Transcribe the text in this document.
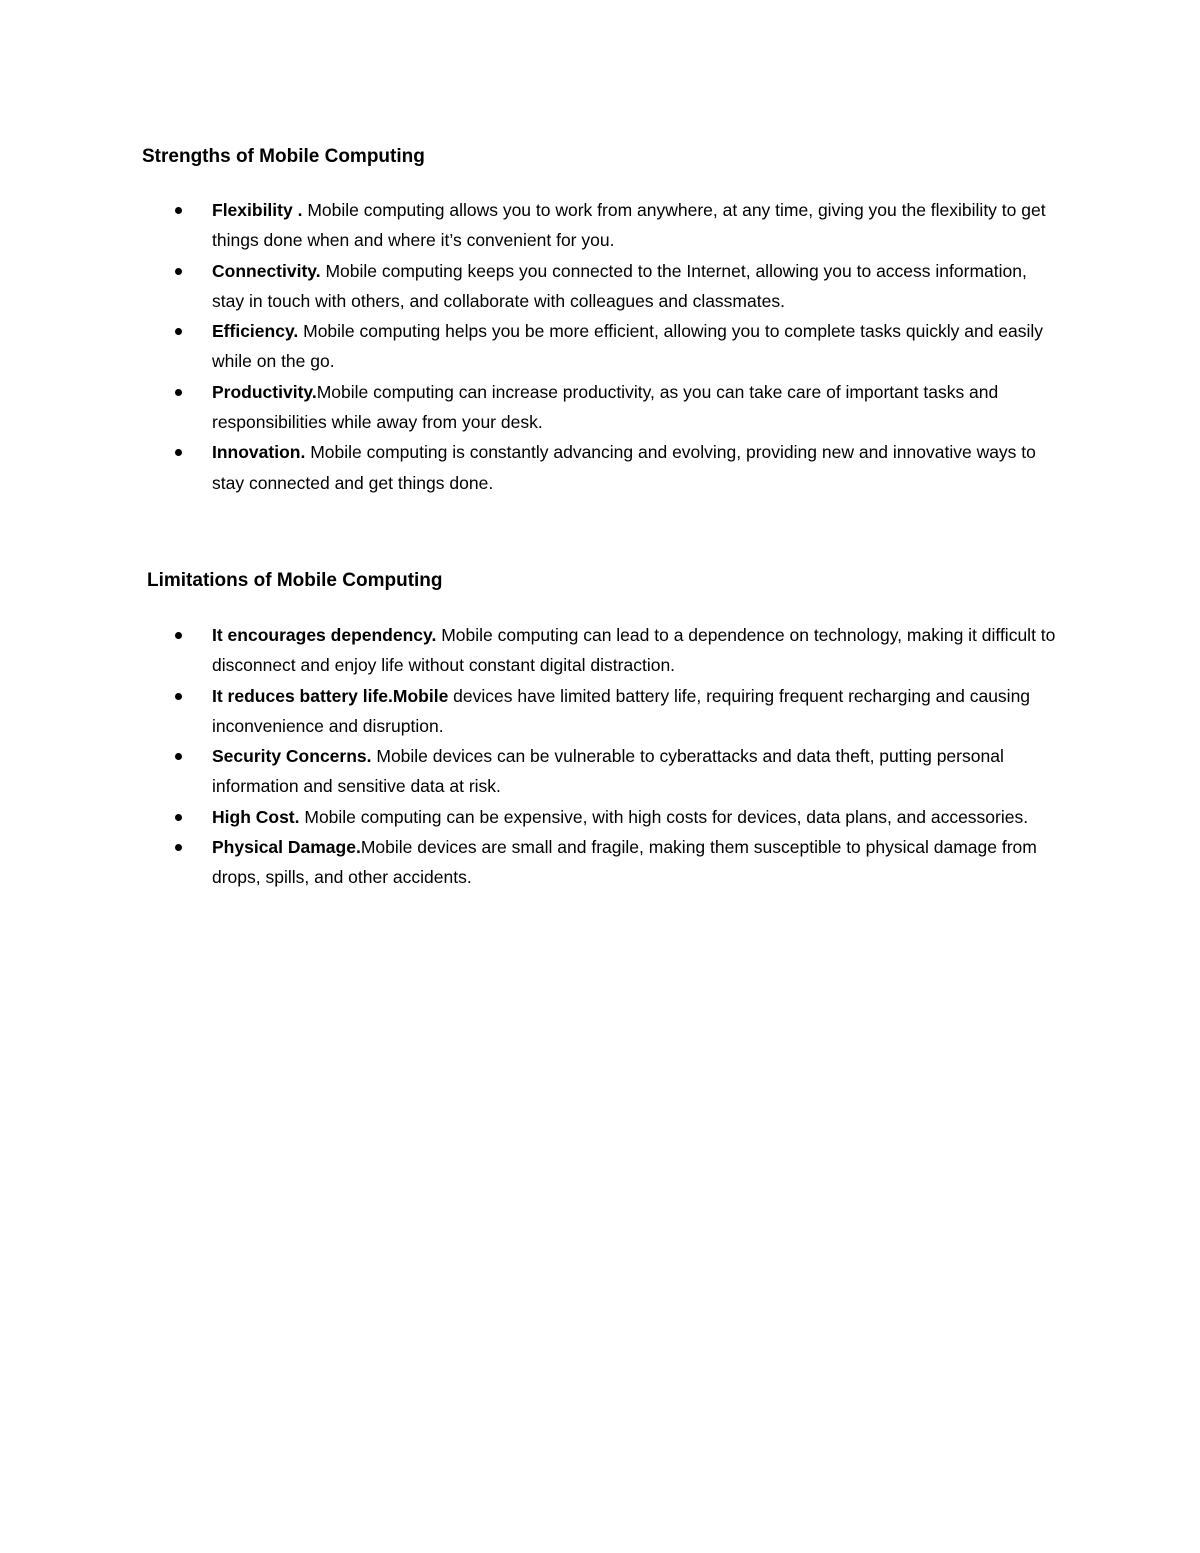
Strengths of Mobile Computing
Flexibility . Mobile computing allows you to work from anywhere, at any time, giving you the flexibility to get things done when and where it’s convenient for you.
Connectivity. Mobile computing keeps you connected to the Internet, allowing you to access information, stay in touch with others, and collaborate with colleagues and classmates.
Efficiency. Mobile computing helps you be more efficient, allowing you to complete tasks quickly and easily while on the go.
Productivity.Mobile computing can increase productivity, as you can take care of important tasks and responsibilities while away from your desk.
Innovation. Mobile computing is constantly advancing and evolving, providing new and innovative ways to stay connected and get things done.
Limitations of Mobile Computing
It encourages dependency. Mobile computing can lead to a dependence on technology, making it difficult to disconnect and enjoy life without constant digital distraction.
It reduces battery life.Mobile devices have limited battery life, requiring frequent recharging and causing inconvenience and disruption.
Security Concerns. Mobile devices can be vulnerable to cyberattacks and data theft, putting personal information and sensitive data at risk.
High Cost. Mobile computing can be expensive, with high costs for devices, data plans, and accessories.
Physical Damage.Mobile devices are small and fragile, making them susceptible to physical damage from drops, spills, and other accidents.
